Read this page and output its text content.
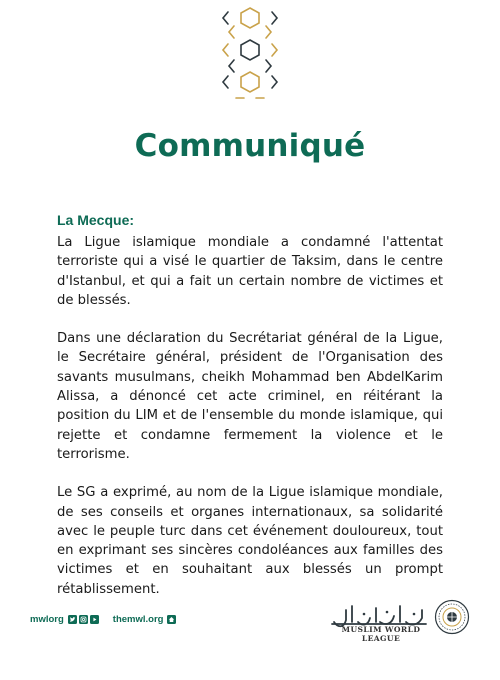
Communiqué
La Mecque:

La Ligue islamique mondiale a condamné l'attentat terroriste qui a visé le quartier de Taksim, dans le centre d'Istanbul, et qui a fait un certain nombre de victimes et de blessés.

Dans une déclaration du Secrétariat général de la Ligue, le Secrétaire général, président de l'Organisation des savants musulmans, cheikh Mohammad ben AbdelKarim Alissa, a dénoncé cet acte criminel, en réitérant la position du LIM et de l'ensemble du monde islamique, qui rejette et condamne fermement la violence et le terrorisme.

Le SG a exprimé, au nom de la Ligue islamique mondiale, de ses conseils et organes internationaux, sa solidarité avec le peuple turc dans cet événement douloureux, tout en exprimant ses sincères condoléances aux familles des victimes et en souhaitant aux blessés un prompt rétablissement.

mwlorg	themwl.org
MUSLIM WORLD LEAGUE
